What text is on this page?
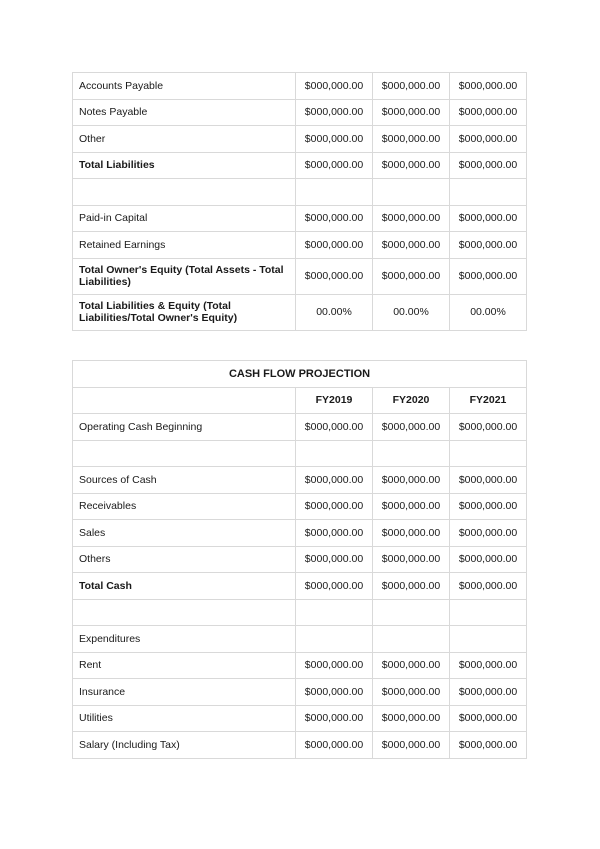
Accounts Payable	$000,000.00	$000,000.00	$000,000.00
Notes Payable	$000,000.00	$000,000.00	$000,000.00
Other	$000,000.00	$000,000.00	$000,000.00
Total Liabilities	$000,000.00	$000,000.00	$000,000.00

Paid-in Capital	$000,000.00	$000,000.00	$000,000.00
Retained Earnings	$000,000.00	$000,000.00	$000,000.00
Total Owner's Equity (Total Assets - Total Liabilities)	$000,000.00	$000,000.00	$000,000.00
Total Liabilities & Equity (Total Liabilities/Total Owner's Equity)	00.00%	00.00%	00.00%
CASH FLOW PROJECTION			
	FY2019	FY2020	FY2021
Operating Cash Beginning	$000,000.00	$000,000.00	$000,000.00

Sources of Cash	$000,000.00	$000,000.00	$000,000.00
Receivables	$000,000.00	$000,000.00	$000,000.00
Sales	$000,000.00	$000,000.00	$000,000.00
Others	$000,000.00	$000,000.00	$000,000.00
Total Cash	$000,000.00	$000,000.00	$000,000.00

Expenditures			
Rent	$000,000.00	$000,000.00	$000,000.00
Insurance	$000,000.00	$000,000.00	$000,000.00
Utilities	$000,000.00	$000,000.00	$000,000.00
Salary (Including Tax)	$000,000.00	$000,000.00	$000,000.00
